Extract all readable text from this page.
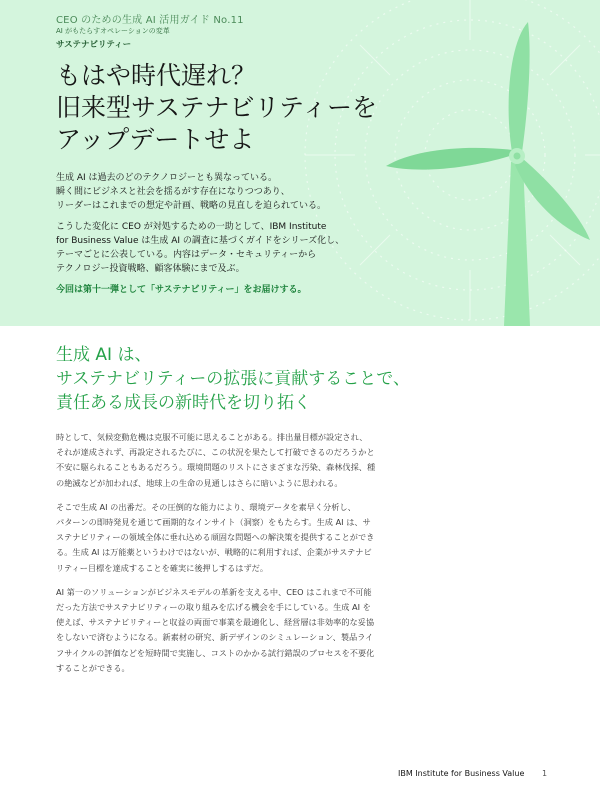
CEO のための生成 AI 活用ガイド No.11
AI がもたらすオペレーションの変革
サステナビリティー
もはや時代遅れ？
旧来型サステナビリティーを
アップデートせよ

生成 AI は過去のどのテクノロジーとも異なっている。
瞬く間にビジネスと社会を揺るがす存在になりつつあり、
リーダーはこれまでの想定や計画、戦略の見直しを迫られている。

こうした変化に CEO が対処するための一助として、IBM Institute
for Business Value は生成 AI の調査に基づくガイドをシリーズ化し、
テーマごとに公表している。内容はデータ・セキュリティーから
テクノロジー投資戦略、顧客体験にまで及ぶ。

今回は第十一弾として「サステナビリティー」をお届けする。

生成 AI は、
サステナビリティーの拡張に貢献することで、
責任ある成長の新時代を切り拓く

時として、気候変動危機は克服不可能に思えることがある。排出量目標が設定され、
それが達成されず、再設定されるたびに、この状況を果たして打破できるのだろうかと
不安に駆られることもあるだろう。環境問題のリストにさまざまな汚染、森林伐採、種
の絶滅などが加われば、地球上の生命の見通しはさらに暗いように思われる。

そこで生成 AI の出番だ。その圧倒的な能力により、環境データを素早く分析し、
パターンの即時発見を通じて画期的なインサイト（洞察）をもたらす。生成 AI は、サ
ステナビリティーの領域全体に垂れ込める頑固な問題への解決策を提供することができ
る。生成 AI は万能薬というわけではないが、戦略的に利用すれば、企業がサステナビ
リティー目標を達成することを確実に後押しするはずだ。

AI 第一のソリューションがビジネスモデルの革新を支える中、CEO はこれまで不可能
だった方法でサステナビリティーの取り組みを広げる機会を手にしている。生成 AI を
使えば、サステナビリティーと収益の両面で事業を最適化し、経営層は非効率的な妥協
をしないで済むようになる。新素材の研究、新デザインのシミュレーション、製品ライ
フサイクルの評価などを短時間で実施し、コストのかかる試行錯誤のプロセスを不要化
することができる。

IBM Institute for Business Value 1
